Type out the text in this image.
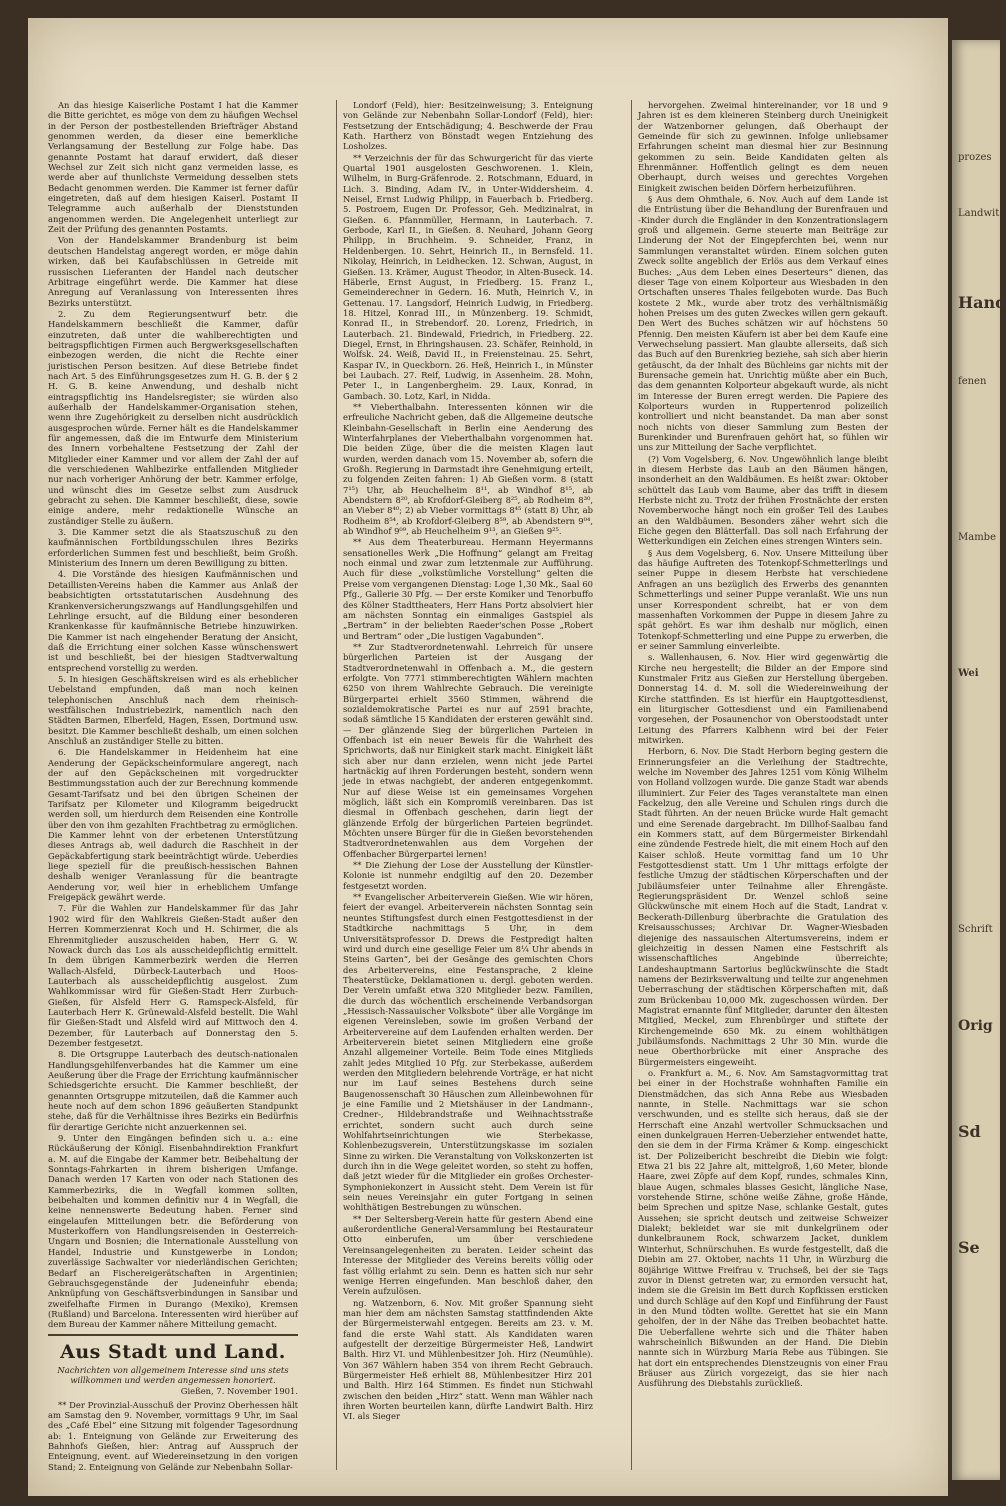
prozes
Landwit
Hand
fenen
Mambe
Wei
Schrift
Orig
Sd
Se

An das hiesige Kaiserliche Postamt I hat die Kammer die Bitte gerichtet, es möge von dem zu häufigen Wechsel in der Person der postbestellenden Briefträger Abstand genommen werden, da dieser eine bemerkliche Verlangsamung der Bestellung zur Folge habe. Das genannte Postamt hat darauf erwidert, daß dieser Wechsel zur Zeit sich nicht ganz vermeiden lasse, es werde aber auf thunlichste Vermeidung desselben stets Bedacht genommen werden. Die Kammer ist ferner dafür eingetreten, daß auf dem hiesigen Kaiserl. Postamt II Telegramme auch außerhalb der Dienststunden angenommen werden. Die Angelegenheit unterliegt zur Zeit der Prüfung des genannten Postamts.

Von der Handelskammer Brandenburg ist beim deutschen Handelstag angeregt worden, er möge dahin wirken, daß bei Kaufabschlüssen in Getreide mit russischen Lieferanten der Handel nach deutscher Arbitrage eingeführt werde. Die Kammer hat diese Anregung auf Veranlassung von Interessenten ihres Bezirks unterstützt.

2. Zu dem Regierungsentwurf betr. die Handelskammern beschließt die Kammer, dafür einzutreten, daß unter die wahlberechtigten und beitragspflichtigen Firmen auch Bergwerksgesellschaften einbezogen werden, die nicht die Rechte einer juristischen Person besitzen. Auf diese Betriebe findet nach Art. 5 des Einführungsgesetzes zum H. G. B. der § 2 H. G. B. keine Anwendung, und deshalb nicht eintragspflichtig ins Handelsregister; sie würden also außerhalb der Handelskammer-Organisation stehen, wenn ihre Zugehörigkeit zu derselben nicht ausdrücklich ausgesprochen würde. Ferner hält es die Handelskammer für angemessen, daß die im Entwurfe dem Ministerium des Innern vorbehaltene Festsetzung der Zahl der Mitglieder einer Kammer und vor allem der Zahl der auf die verschiedenen Wahlbezirke entfallenden Mitglieder nur nach vorheriger Anhörung der betr. Kammer erfolge, und wünscht dies im Gesetze selbst zum Ausdruck gebracht zu sehen. Die Kammer beschließt, diese, sowie einige andere, mehr redaktionelle Wünsche an zuständiger Stelle zu äußern.

3. Die Kammer setzt die als Staatszuschuß zu den kaufmännischen Fortbildungsschulen ihres Bezirks erforderlichen Summen fest und beschließt, beim Großh. Ministerium des Innern um deren Bewilligung zu bitten.

4. Die Vorstände des hiesigen Kaufmännischen und Detaillisten-Vereins haben die Kammer aus Anlaß der beabsichtigten ortsstatutarischen Ausdehnung des Krankenversicherungszwangs auf Handlungsgehilfen und Lehrlinge ersucht, auf die Bildung einer besonderen Krankenkasse für kaufmännische Betriebe hinzuwirken. Die Kammer ist nach eingehender Beratung der Ansicht, daß die Errichtung einer solchen Kasse wünschenswert ist und beschließt, bei der hiesigen Stadtverwaltung entsprechend vorstellig zu werden.

5. In hiesigen Geschäftskreisen wird es als erheblicher Uebelstand empfunden, daß man noch keinen telephonischen Anschluß nach dem rheinisch-westfälischen Industriebezirk, namentlich nach den Städten Barmen, Elberfeld, Hagen, Essen, Dortmund usw. besitzt. Die Kammer beschließt deshalb, um einen solchen Anschluß an zuständiger Stelle zu bitten.

6. Die Handelskammer in Heidenheim hat eine Aenderung der Gepäckscheinformulare angeregt, nach der auf den Gepäckscheinen mit vorgedruckter Bestimmungsstation auch der zur Berechnung kommende Gesamt-Tarifsatz und bei den übrigen Scheinen der Tarifsatz per Kilometer und Kilogramm beigedruckt werden soll, um hierdurch dem Reisenden eine Kontrolle über den von ihm gezahlten Frachtbetrag zu ermöglichen. Die Kammer lehnt von der erbetenen Unterstützung dieses Antrags ab, weil dadurch die Raschheit in der Gepäckabfertigung stark beeinträchtigt würde. Ueberdies liege speziell für die preußisch-hessischen Bahnen deshalb weniger Veranlassung für die beantragte Aenderung vor, weil hier in erheblichem Umfange Freigepäck gewährt werde.

7. Für die Wahlen zur Handelskammer für das Jahr 1902 wird für den Wahlkreis Gießen-Stadt außer den Herren Kommerzienrat Koch und H. Schirmer, die als Ehrenmitglieder auszuscheiden haben, Herr G. W. Nowack durch das Los als ausscheidepflichtig ermittelt. In dem übrigen Kammerbezirk werden die Herren Wallach-Alsfeld, Dürbeck-Lauterbach und Hoos-Lauterbach als ausscheidepflichtig ausgelost. Zum Wahlkommissar wird für Gießen-Stadt Herr Zurbuch-Gießen, für Alsfeld Herr G. Ramspeck-Alsfeld, für Lauterbach Herr K. Grünewald-Alsfeld bestellt. Die Wahl für Gießen-Stadt und Alsfeld wird auf Mittwoch den 4. Dezember, für Lauterbach auf Donnerstag den 5. Dezember festgesetzt.

8. Die Ortsgruppe Lauterbach des deutsch-nationalen Handlungsgehilfenverbandes hat die Kammer um eine Aeußerung über die Frage der Errichtung kaufmännischer Schiedsgerichte ersucht. Die Kammer beschließt, der genannten Ortsgruppe mitzuteilen, daß die Kammer auch heute noch auf dem schon 1896 geäußerten Standpunkt stehe, daß für die Verhältnisse ihres Bezirks ein Bedürfnis für derartige Gerichte nicht anzuerkennen sei.

9. Unter den Eingängen befinden sich u. a.: eine Rückäußerung der Königl. Eisenbahndirektion Frankfurt a. M. auf die Eingabe der Kammer betr. Beibehaltung der Sonntags-Fahrkarten in ihrem bisherigen Umfange. Danach werden 17 Karten von oder nach Stationen des Kammerbezirks, die in Wegfall kommen sollten, beibehalten und kommen definitiv nur 4 in Wegfall, die keine nennenswerte Bedeutung haben. Ferner sind eingelaufen Mitteilungen betr. die Beförderung von Musterkoffern von Handlungsreisenden in Oesterreich-Ungarn und Bosnien; die Internationale Ausstellung von Handel, Industrie und Kunstgewerbe in London; zuverlässige Sachwalter vor niederländischen Gerichten; Bedarf an Fischereigerätschaften in Argentinien; Gebrauchsgegenstände der Judeneinfuhr ebenda; Anknüpfung von Geschäftsverbindungen in Sansibar und zweifelhafte Firmen in Durango (Mexiko), Kremsen (Rußland) und Barcelona. Interessenten wird hierüber auf dem Bureau der Kammer nähere Mitteilung gemacht.

Aus Stadt und Land.

Nachrichten von allgemeinem Interesse sind uns stets willkommen und werden angemessen honoriert.

Gießen, 7. November 1901.

** Der Provinzial-Ausschuß der Provinz Oberhessen hält am Samstag den 9. November, vormittags 9 Uhr, im Saal des „Café Ebel“ eine Sitzung mit folgender Tagesordnung ab: 1. Enteignung von Gelände zur Erweiterung des Bahnhofs Gießen, hier: Antrag auf Ausspruch der Enteignung, event. auf Wiedereinsetzung in den vorigen Stand; 2. Enteignung von Gelände zur Nebenbahn Sollar-

Londorf (Feld), hier: Besitzeinweisung; 3. Enteignung von Gelände zur Nebenbahn Sollar-Londorf (Feld), hier: Festsetzung der Entschädigung; 4. Beschwerde der Frau Kath. Hartherz von Bönstadt wegen Entziehung des Losholzes.

** Verzeichnis der für das Schwurgericht für das vierte Quartal 1901 ausgelosten Geschworenen. 1. Klein, Wilhelm, in Burg-Gräfenrode. 2. Rotschmann, Eduard, in Lich. 3. Binding, Adam IV., in Unter-Widdersheim. 4. Neisel, Ernst Ludwig Philipp, in Fauerbach b. Friedberg. 5. Postroem, Eugen Dr. Professor, Geh. Medizinalrat, in Gießen. 6. Pfannmüller, Hermann, in Lauterbach. 7. Gerbode, Karl II., in Gießen. 8. Neuhard, Johann Georg Philipp, in Bruchheim. 9. Schneider, Franz, in Heldenbergen. 10. Sehrt, Heinrich II., in Bernsfeld. 11. Nikolay, Heinrich, in Leidhecken. 12. Schwan, August, in Gießen. 13. Krämer, August Theodor, in Alten-Buseck. 14. Häberle, Ernst August, in Friedberg. 15. Franz I., Gemeinderechner in Gedern. 16. Muth, Heinrich V., in Gettenau. 17. Langsdorf, Heinrich Ludwig, in Friedberg. 18. Hitzel, Konrad III., in Münzenberg. 19. Schmidt, Konrad II., in Strebendorf. 20. Lorenz, Friedrich, in Lauterbach. 21. Bindewald, Friedrich, in Friedberg. 22. Diegel, Ernst, in Ehringshausen. 23. Schäfer, Reinhold, in Wolfsk. 24. Weiß, David II., in Freiensteinau. 25. Sehrt, Kaspar IV., in Queckborn. 26. Heß, Heinrich I., in Münster bei Laubach. 27. Reif, Ludwig, in Assenheim. 28. Mohn, Peter I., in Langenbergheim. 29. Laux, Konrad, in Gambach. 30. Lotz, Karl, in Nidda.

** Vieberthalbahn. Interessenten können wir die erfreuliche Nachricht geben, daß die Allgemeine deutsche Kleinbahn-Gesellschaft in Berlin eine Aenderung des Winterfahrplanes der Vieberthalbahn vorgenommen hat. Die beiden Züge, über die die meisten Klagen laut wurden, werden danach vom 15. November ab, sofern die Großh. Regierung in Darmstadt ihre Genehmigung erteilt, zu folgenden Zeiten fahren: 1) Ab Gießen vorm. 8 (statt 7¹⁵) Uhr, ab Heuchelheim 8¹¹, ab Windhof 8¹⁵, ab Abendstern 8²⁰, ab Krofdorf-Gleiberg 8²⁵, ab Rodheim 8³⁰, an Vieber 8⁴⁰; 2) ab Vieber vormittags 8⁴⁵ (statt 8) Uhr, ab Rodheim 8⁵⁴, ab Krofdorf-Gleiberg 8⁵⁹, ab Abendstern 9⁰⁴, ab Windhof 9⁰⁹, ab Heuchelheim 9¹³, an Gießen 9²⁵.

** Aus dem Theaterbureau. Hermann Heyermanns sensationelles Werk „Die Hoffnung“ gelangt am Freitag noch einmal und zwar zum letztenmale zur Aufführung. Auch für diese „volkstümliche Vorstellung“ gelten die Preise vom vergangenen Dienstag: Loge 1,30 Mk., Saal 60 Pfg., Gallerie 30 Pfg. — Der erste Komiker und Tenorbuffo des Kölner Stadttheaters, Herr Hans Portz absolviert hier am nächsten Sonntag ein einmaliges Gastspiel als „Bertram“ in der beliebten Raeder'schen Posse „Robert und Bertram“ oder „Die lustigen Vagabunden“.

** Zur Stadtverordnetenwahl. Lehrreich für unsere bürgerlichen Parteien ist der Ausgang der Stadtverordnetenwahl in Offenbach a. M., die gestern erfolgte. Von 7771 stimmberechtigten Wählern machten 6250 von ihrem Wahlrechte Gebrauch. Die vereinigte Bürgerpartei erhielt 3560 Stimmen, während die sozialdemokratische Partei es nur auf 2591 brachte, sodaß sämtliche 15 Kandidaten der ersteren gewählt sind. — Der glänzende Sieg der bürgerlichen Parteien in Offenbach ist ein neuer Beweis für die Wahrheit des Sprichworts, daß nur Einigkeit stark macht. Einigkeit läßt sich aber nur dann erzielen, wenn nicht jede Partei hartnäckig auf ihren Forderungen besteht, sondern wenn jede in etwas nachgiebt, der anderen entgegenkommt. Nur auf diese Weise ist ein gemeinsames Vorgehen möglich, läßt sich ein Kompromiß vereinbaren. Das ist diesmal in Offenbach geschehen, darin liegt der glänzende Erfolg der bürgerlichen Parteien begründet. Möchten unsere Bürger für die in Gießen bevorstehenden Stadtverordnetenwahlen aus dem Vorgehen der Offenbacher Bürgerpartei lernen!

** Die Ziehung der Lose der Ausstellung der Künstler-Kolonie ist nunmehr endgiltig auf den 20. Dezember festgesetzt worden.

** Evangelischer Arbeiterverein Gießen. Wie wir hören, feiert der evangel. Arbeiterverein nächsten Sonntag sein neuntes Stiftungsfest durch einen Festgottesdienst in der Stadtkirche nachmittags 5 Uhr, in dem Universitätsprofessor D. Drews die Festpredigt halten wird und durch eine gesellige Feier um 8¼ Uhr abends in Steins Garten“, bei der Gesänge des gemischten Chors des Arbeitervereins, eine Festansprache, 2 kleine Theaterstücke, Deklamationen u. dergl. geboten werden. Der Verein umfaßt etwa 320 Mitglieder bezw. Familien, die durch das wöchentlich erscheinende Verbandsorgan „Hessisch-Nassauischer Volksbote“ über alle Vorgänge im eigenen Vereinsleben, sowie im großen Verband der Arbeitervereine auf dem Laufenden erhalten werden. Der Arbeiterverein bietet seinen Mitgliedern eine große Anzahl allgemeiner Vorteile. Beim Tode eines Mitglieds zahlt jedes Mitglied 10 Pfg. zur Sterbekasse, außerdem werden den Mitgliedern belehrende Vorträge, er hat nicht nur im Lauf seines Bestehens durch seine Baugenossenschaft 30 Häuschen zum Alleinbewohnen für je eine Familie und 2 Mietshäuser in der Landmann-, Credner-, Hildebrandstraße und Weihnachtsstraße errichtet, sondern sucht auch durch seine Wohlfahrtseinrichtungen wie Sterbekasse, Kohlenbezugsverein, Unterstützungskasse im sozialen Sinne zu wirken. Die Veranstaltung von Volkskonzerten ist durch ihn in die Wege geleitet worden, so steht zu hoffen, daß jetzt wieder für die Mitglieder ein großes Orchester-Symphoniekonzert in Aussicht steht. Dem Verein ist für sein neues Vereinsjahr ein guter Fortgang in seinen wohlthätigen Bestrebungen zu wünschen.

** Der Seltersberg-Verein hatte für gestern Abend eine außerordentliche General-Versammlung bei Restaurateur Otto einberufen, um über verschiedene Vereinsangelegenheiten zu beraten. Leider scheint das Interesse der Mitglieder des Vereins bereits völlig oder fast völlig erlahmt zu sein. Denn es hatten sich nur sehr wenige Herren eingefunden. Man beschloß daher, den Verein aufzulösen.

ng. Watzenborn, 6. Nov. Mit großer Spannung sieht man hier dem am nächsten Samstag stattfindenden Akte der Bürgermeisterwahl entgegen. Bereits am 23. v. M. fand die erste Wahl statt. Als Kandidaten waren aufgestellt der derzeitige Bürgermeister Heß, Landwirt Balth. Hirz VI. und Mühlenbesitzer Joh. Hirz (Neumühle). Von 367 Wählern haben 354 von ihrem Recht Gebrauch. Bürgermeister Heß erhielt 88, Mühlenbesitzer Hirz 201 und Balth. Hirz 164 Stimmen. Es findet nun Stichwahl zwischen den beiden „Hirz“ statt. Wenn man Wähler nach ihren Worten beurteilen kann, dürfte Landwirt Balth. Hirz VI. als Sieger

hervorgehen. Zweimal hintereinander, vor 18 und 9 Jahren ist es dem kleineren Steinberg durch Uneinigkeit der Watzenborner gelungen, daß Oberhaupt der Gemeinde für sich zu gewinnen. Infolge unliebsamer Erfahrungen scheint man diesmal hier zur Besinnung gekommen zu sein. Beide Kandidaten gelten als Ehrenmänner. Hoffentlich gelingt es dem neuen Oberhaupt, durch weises und gerechtes Vorgehen Einigkeit zwischen beiden Dörfern herbeizuführen.

§ Aus dem Ohmthale, 6. Nov. Auch auf dem Lande ist die Entrüstung über die Behandlung der Burenfrauen und -Kinder durch die Engländer in den Konzentrationslagern groß und allgemein. Gerne steuerte man Beiträge zur Linderung der Not der Eingepferchten bei, wenn nur Sammlungen veranstaltet würden. Einem solchen guten Zweck sollte angeblich der Erlös aus dem Verkauf eines Buches: „Aus dem Leben eines Deserteurs“ dienen, das dieser Tage von einem Kolporteur aus Wiesbaden in den Ortschaften unseres Thales feilgeboten wurde. Das Buch kostete 2 Mk., wurde aber trotz des verhältnismäßig hohen Preises um des guten Zweckes willen gern gekauft. Den Wert des Buches schätzen wir auf höchstens 50 Pfennig. Den meisten Käufern ist aber bei dem Kaufe eine Verwechselung passiert. Man glaubte allerseits, daß sich das Buch auf den Burenkrieg beziehe, sah sich aber hierin getäuscht, da der Inhalt des Büchleins gar nichts mit der Burensache gemein hat. Unrichtig müßte aber ein Buch, das dem genannten Kolporteur abgekauft wurde, als nicht im Interesse der Buren erregt werden. Die Papiere des Kolporteurs wurden in Ruppertenrod polizeilich kontrolliert und nicht beanstandet. Da man aber sonst noch nichts von dieser Sammlung zum Besten der Burenkinder und Burenfrauen gehört hat, so fühlen wir uns zur Mitteilung der Sache verpflichtet.

(?) Vom Vogelsberg, 6. Nov. Ungewöhnlich lange bleibt in diesem Herbste das Laub an den Bäumen hängen, insonderheit an den Waldbäumen. Es heißt zwar: Oktober schüttelt das Laub vom Baume, aber das trifft in diesem Herbste nicht zu. Trotz der frühen Frostnächte der ersten Novemberwoche hängt noch ein großer Teil des Laubes an den Waldbäumen. Besonders zäher wehrt sich die Eiche gegen den Blätterfall. Das soll nach Erfahrung der Wetterkundigen ein Zeichen eines strengen Winters sein.

§ Aus dem Vogelsberg, 6. Nov. Unsere Mitteilung über das häufige Auftreten des Totenkopf-Schmetterlings und seiner Puppe in diesem Herbste hat verschiedene Anfragen an uns bezüglich des Erwerbs des genannten Schmetterlings und seiner Puppe veranlaßt. Wie uns nun unser Korrespondent schreibt, hat er von dem massenhaften Vorkommen der Puppe in diesem Jahre zu spät gehört. Es war ihm deshalb nur möglich, einen Totenkopf-Schmetterling und eine Puppe zu erwerben, die er seiner Sammlung einverleibte.

s. Wallenhausen, 6. Nov. Hier wird gegenwärtig die Kirche neu hergestellt; die Bilder an der Empore sind Kunstmaler Fritz aus Gießen zur Herstellung übergeben. Donnerstag 14. d. M. soll die Wiedereinweihung der Kirche stattfinden. Es ist hierfür ein Hauptgottesdienst, ein liturgischer Gottesdienst und ein Familienabend vorgesehen, der Posaunenchor von Oberstoodstadt unter Leitung des Pfarrers Kalbhenn wird bei der Feier mitwirken.

Herborn, 6. Nov. Die Stadt Herborn beging gestern die Erinnerungsfeier an die Verleihung der Stadtrechte, welche im November des Jahres 1251 vom König Wilhelm von Holland vollzogen wurde. Die ganze Stadt war abends illuminiert. Zur Feier des Tages veranstaltete man einen Fackelzug, den alle Vereine und Schulen rings durch die Stadt führten. An der neuen Brücke wurde Halt gemacht und eine Serenade dargebracht. Im Dillhof-Saalbau fand ein Kommers statt, auf dem Bürgermeister Birkendahl eine zündende Festrede hielt, die mit einem Hoch auf den Kaiser schloß. Heute vormittag fand um 10 Uhr Festgottesdienst statt. Um 1 Uhr mittags erfolgte der festliche Umzug der städtischen Körperschaften und der Jubiläumsfeier unter Teilnahme aller Ehrengäste. Regierungspräsident Dr. Wenzel schloß seine Glückwünsche mit einem Hoch auf die Stadt, Landrat v. Beckerath-Dillenburg überbrachte die Gratulation des Kreisausschusses; Archivar Dr. Wagner-Wiesbaden diejenige des nassauischen Altertumsvereins, indem er gleichzeitig in dessen Namen eine Festschrift als wissenschaftliches Angebinde überreichte; Landeshauptmann Sartorius beglückwünschte die Stadt namens der Bezirksverwaltung und teilte zur angenehmen Ueberraschung der städtischen Körperschaften mit, daß zum Brückenbau 10,000 Mk. zugeschossen würden. Der Magistrat ernannte fünf Mitglieder, darunter den ältesten Mitglied, Meckel, zum Ehrenbürger und stiftete der Kirchengemeinde 650 Mk. zu einem wohlthätigen Jubiläumsfonds. Nachmittags 2 Uhr 30 Min. wurde die neue Oberthorbrücke mit einer Ansprache des Bürgermeisters eingeweiht.

o. Frankfurt a. M., 6. Nov. Am Samstagvormittag trat bei einer in der Hochstraße wohnhaften Familie ein Dienstmädchen, das sich Anna Rebe aus Wiesbaden nannte, in Stelle. Nachmittags war sie schon verschwunden, und es stellte sich heraus, daß sie der Herrschaft eine Anzahl wertvoller Schmucksachen und einen dunkelgrauen Herren-Ueberzieher entwendet hatte, den sie dem in der Firma Krämer & Komp. eingeschickt ist. Der Polizeibericht beschreibt die Diebin wie folgt: Etwa 21 bis 22 Jahre alt, mittelgroß, 1,60 Meter, blonde Haare, zwei Zöpfe auf dem Kopf, rundes, schmales Kinn, blaue Augen, schmales blasses Gesicht, längliche Nase, vorstehende Stirne, schöne weiße Zähne, große Hände, beim Sprechen und spitze Nase, schlanke Gestalt, gutes Aussehen; sie spricht deutsch und zeitweise Schweizer Dialekt; bekleidet war sie mit dunkelgrünem oder dunkelbraunem Rock, schwarzem Jacket, dunklem Winterhut, Schnürschuhen. Es wurde festgestellt, daß die Diebin am 27. Oktober, nachts 11 Uhr, in Würzburg die 80jährige Wittwe Freifrau v. Truchseß, bei der sie Tags zuvor in Dienst getreten war, zu ermorden versucht hat, indem sie die Greisin im Bett durch Kopfkissen ersticken und durch Schläge auf den Kopf und Einführung der Faust in den Mund tödten wollte. Gerettet hat sie ein Mann geholfen, der in der Nähe das Treiben beobachtet hatte. Die Ueberfallene wehrte sich und die Thäter haben wahrscheinlich Bißwunden an der Hand. Die Diebin nannte sich in Würzburg Maria Rebe aus Tübingen. Sie hat dort ein entsprechendes Dienstzeugnis von einer Frau Bräuser aus Zürich vorgezeigt, das sie hier nach Ausführung des Diebstahls zurückließ.
